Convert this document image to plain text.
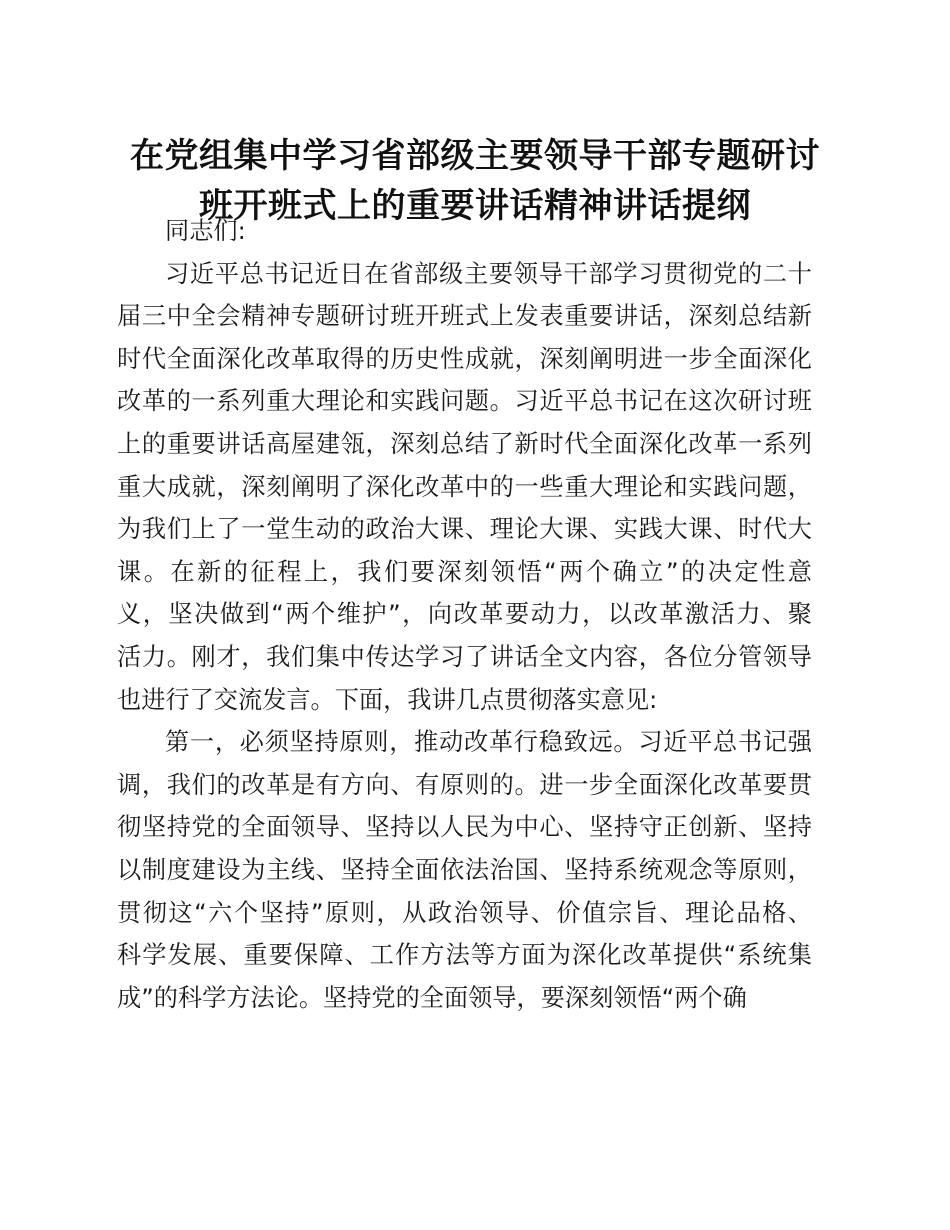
在党组集中学习省部级主要领导干部专题研讨
班开班式上的重要讲话精神讲话提纲
同志们:
习近平总书记近日在省部级主要领导干部学习贯彻党的二十
届三中全会精神专题研讨班开班式上发表重要讲话，深刻总结新
时代全面深化改革取得的历史性成就，深刻阐明进一步全面深化
改革的一系列重大理论和实践问题。习近平总书记在这次研讨班
上的重要讲话高屋建瓴，深刻总结了新时代全面深化改革一系列
重大成就，深刻阐明了深化改革中的一些重大理论和实践问题，
为我们上了一堂生动的政治大课、理论大课、实践大课、时代大
课。在新的征程上，我们要深刻领悟“两个确立”的决定性意
义，坚决做到“两个维护”，向改革要动力，以改革激活力、聚
活力。刚才，我们集中传达学习了讲话全文内容，各位分管领导
也进行了交流发言。下面，我讲几点贯彻落实意见:
第一，必须坚持原则，推动改革行稳致远。习近平总书记强
调，我们的改革是有方向、有原则的。进一步全面深化改革要贯
彻坚持党的全面领导、坚持以人民为中心、坚持守正创新、坚持
以制度建设为主线、坚持全面依法治国、坚持系统观念等原则，
贯彻这“六个坚持”原则，从政治领导、价值宗旨、理论品格、
科学发展、重要保障、工作方法等方面为深化改革提供“系统集
成”的科学方法论。坚持党的全面领导，要深刻领悟“两个确
